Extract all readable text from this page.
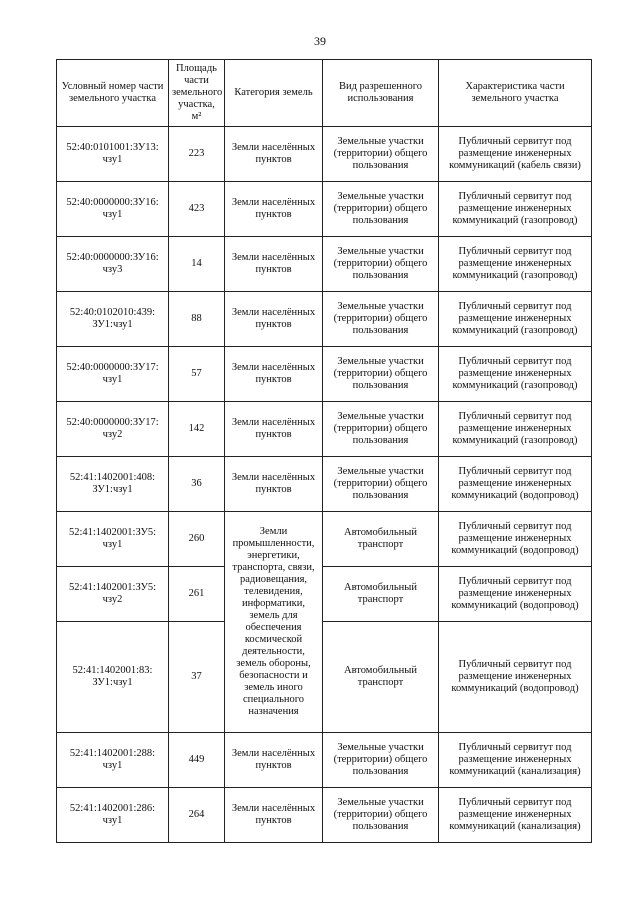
39
Условный номер части земельного участка	Площадь части земельного участка, м²	Категория земель	Вид разрешенного использования	Характеристика части земельного участка
52:40:0101001:ЗУ13: чзу1	223	Земли населённых пунктов	Земельные участки (территории) общего пользования	Публичный сервитут под размещение инженерных коммуникаций (кабель связи)
52:40:0000000:ЗУ16: чзу1	423	Земли населённых пунктов	Земельные участки (территории) общего пользования	Публичный сервитут под размещение инженерных коммуникаций (газопровод)
52:40:0000000:ЗУ16: чзу3	14	Земли населённых пунктов	Земельные участки (территории) общего пользования	Публичный сервитут под размещение инженерных коммуникаций (газопровод)
52:40:0102010:439: ЗУ1:чзу1	88	Земли населённых пунктов	Земельные участки (территории) общего пользования	Публичный сервитут под размещение инженерных коммуникаций (газопровод)
52:40:0000000:ЗУ17: чзу1	57	Земли населённых пунктов	Земельные участки (территории) общего пользования	Публичный сервитут под размещение инженерных коммуникаций (газопровод)
52:40:0000000:ЗУ17: чзу2	142	Земли населённых пунктов	Земельные участки (территории) общего пользования	Публичный сервитут под размещение инженерных коммуникаций (газопровод)
52:41:1402001:408: ЗУ1:чзу1	36	Земли населённых пунктов	Земельные участки (территории) общего пользования	Публичный сервитут под размещение инженерных коммуникаций (водопровод)
52:41:1402001:ЗУ5: чзу1	260	Земли промышленности, энергетики, транспорта, связи, радиовещания, телевидения, информатики, земель для обеспечения космической деятельности, земель обороны, безопасности и земель иного специального назначения	Автомобильный транспорт	Публичный сервитут под размещение инженерных коммуникаций (водопровод)
52:41:1402001:ЗУ5: чзу2	261		Автомобильный транспорт	Публичный сервитут под размещение инженерных коммуникаций (водопровод)
52:41:1402001:83: ЗУ1:чзу1	37		Автомобильный транспорт	Публичный сервитут под размещение инженерных коммуникаций (водопровод)
52:41:1402001:288: чзу1	449	Земли населённых пунктов	Земельные участки (территории) общего пользования	Публичный сервитут под размещение инженерных коммуникаций (канализация)
52:41:1402001:286: чзу1	264	Земли населённых пунктов	Земельные участки (территории) общего пользования	Публичный сервитут под размещение инженерных коммуникаций (канализация)
